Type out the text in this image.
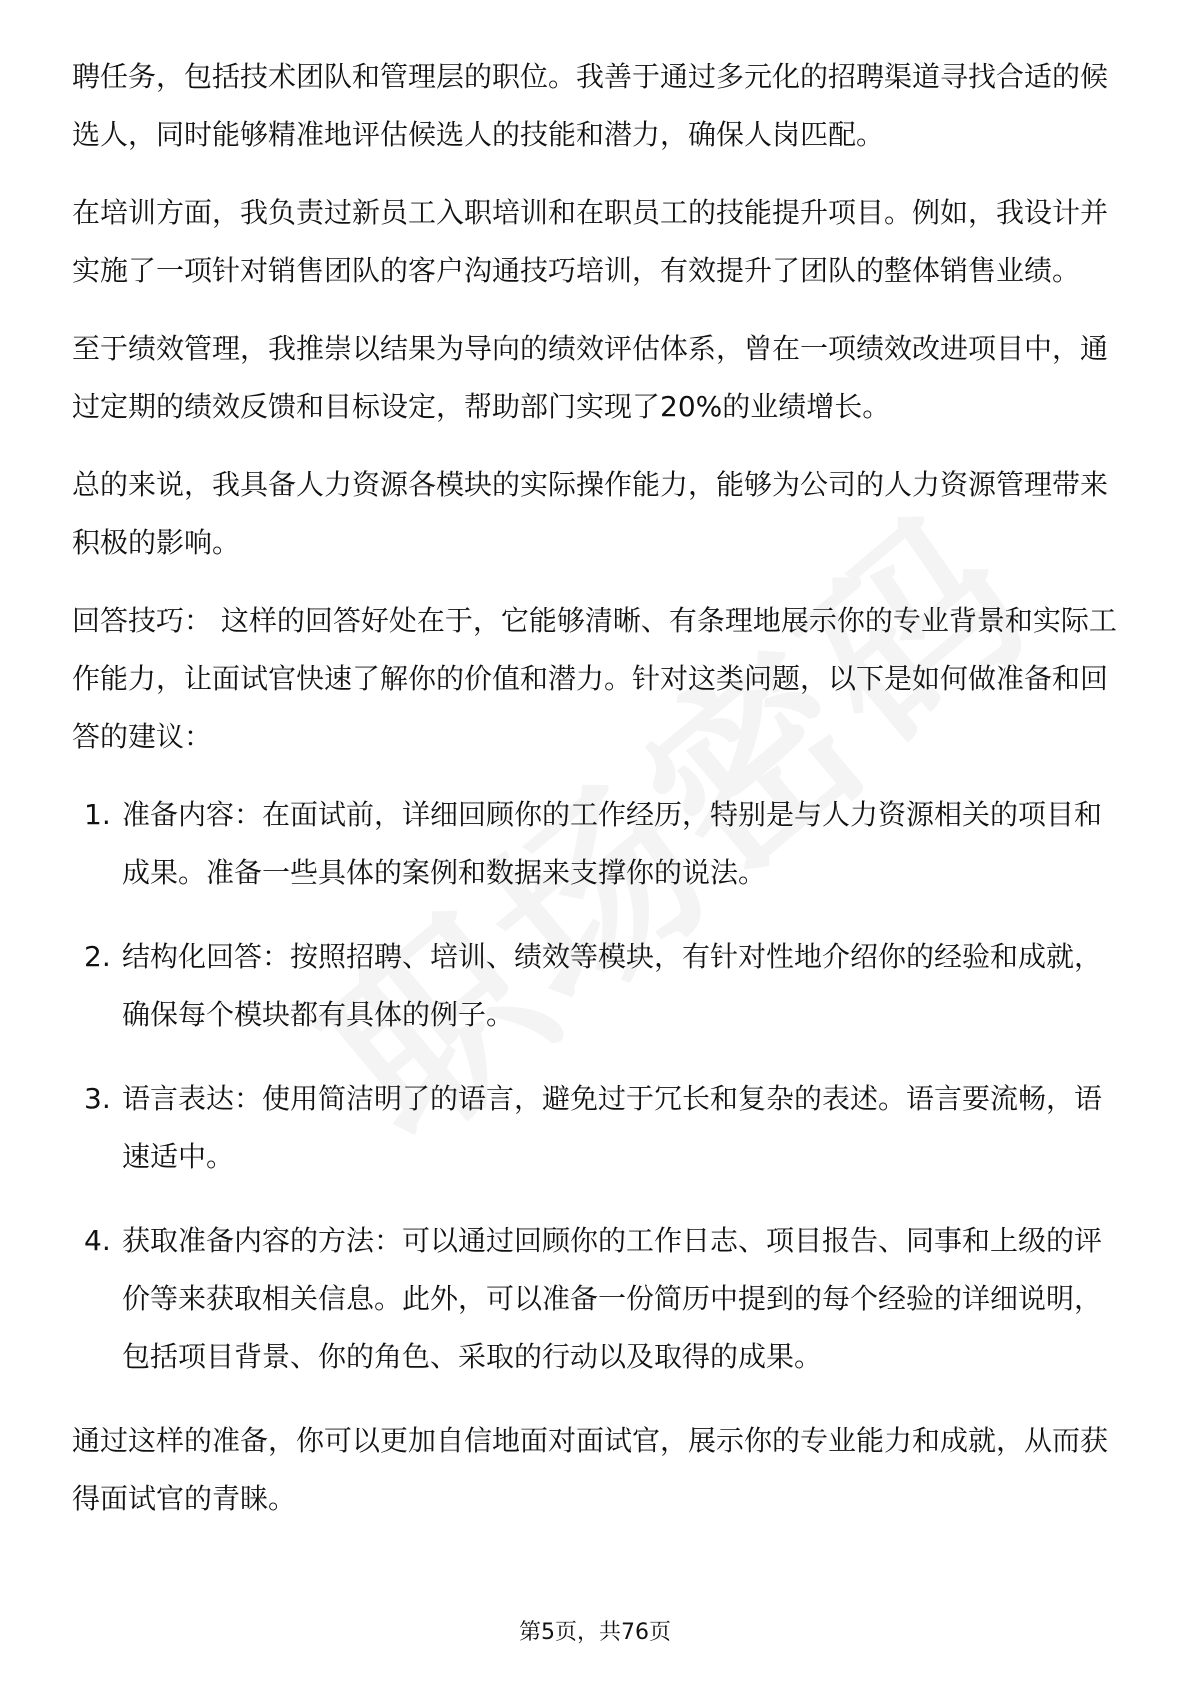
聘任务，包括技术团队和管理层的职位。我善于通过多元化的招聘渠道寻找合适的候选人，同时能够精准地评估候选人的技能和潜力，确保人岗匹配。

在培训方面，我负责过新员工入职培训和在职员工的技能提升项目。例如，我设计并实施了一项针对销售团队的客户沟通技巧培训，有效提升了团队的整体销售业绩。

至于绩效管理，我推崇以结果为导向的绩效评估体系，曾在一项绩效改进项目中，通过定期的绩效反馈和目标设定，帮助部门实现了20%的业绩增长。

总的来说，我具备人力资源各模块的实际操作能力，能够为公司的人力资源管理带来积极的影响。

回答技巧： 这样的回答好处在于，它能够清晰、有条理地展示你的专业背景和实际工作能力，让面试官快速了解你的价值和潜力。针对这类问题，以下是如何做准备和回答的建议：

1. 准备内容：在面试前，详细回顾你的工作经历，特别是与人力资源相关的项目和成果。准备一些具体的案例和数据来支撑你的说法。
2. 结构化回答：按照招聘、培训、绩效等模块，有针对性地介绍你的经验和成就，确保每个模块都有具体的例子。
3. 语言表达：使用简洁明了的语言，避免过于冗长和复杂的表述。语言要流畅，语速适中。
4. 获取准备内容的方法：可以通过回顾你的工作日志、项目报告、同事和上级的评价等来获取相关信息。此外，可以准备一份简历中提到的每个经验的详细说明，包括项目背景、你的角色、采取的行动以及取得的成果。

通过这样的准备，你可以更加自信地面对面试官，展示你的专业能力和成就，从而获得面试官的青睐。

第5页，共76页
